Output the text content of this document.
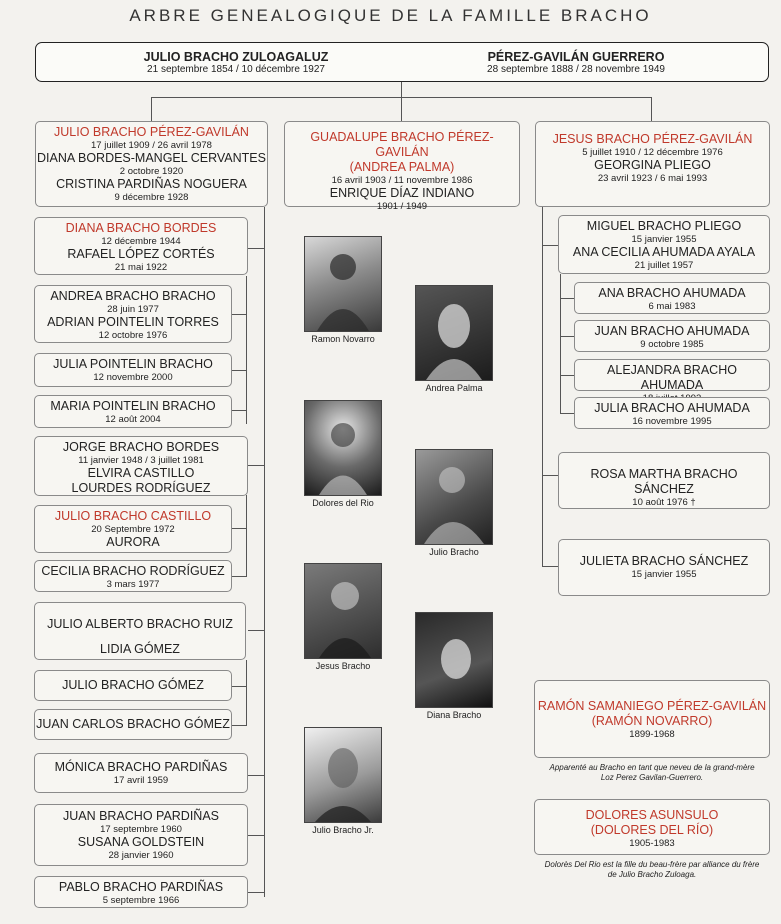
ARBRE GENEALOGIQUE DE LA FAMILLE BRACHO
JULIO BRACHO ZULOAGALUZ
21 septembre 1854 / 10 décembre 1927
PÉREZ-GAVILÁN GUERRERO
28 septembre 1888 / 28 novembre 1949
JULIO BRACHO PÉREZ-GAVILÁN
17 juillet 1909 / 26 avril 1978
DIANA BORDES-MANGEL CERVANTES
2 octobre 1920
CRISTINA PARDIÑAS NOGUERA
9 décembre 1928
GUADALUPE BRACHO PÉREZ-GAVILÁN
(ANDREA PALMA)
16 avril 1903 / 11 novembre 1986
ENRIQUE DÍAZ INDIANO
1901 / 1949
JESUS BRACHO PÉREZ-GAVILÁN
5 juillet 1910 / 12 décembre 1976
GEORGINA PLIEGO
23 avril 1923 / 6 mai 1993
DIANA BRACHO BORDES
12 décembre 1944
RAFAEL LÓPEZ CORTÉS
21 mai 1922
ANDREA BRACHO BRACHO
28 juin 1977
ADRIAN POINTELIN TORRES
12 octobre 1976
JULIA POINTELIN BRACHO
12 novembre 2000
MARIA POINTELIN BRACHO
12 août 2004
JORGE BRACHO BORDES
11 janvier 1948 / 3 juillet 1981
ELVIRA CASTILLO
LOURDES RODRÍGUEZ
JULIO BRACHO CASTILLO
20 Septembre 1972
AURORA
CECILIA BRACHO RODRÍGUEZ
3 mars 1977
JULIO ALBERTO BRACHO RUIZ
LIDIA GÓMEZ
JULIO BRACHO GÓMEZ
JUAN CARLOS BRACHO GÓMEZ
MÓNICA BRACHO PARDIÑAS
17 avril 1959
JUAN BRACHO PARDIÑAS
17 septembre 1960
SUSANA GOLDSTEIN
28 janvier 1960
PABLO BRACHO PARDIÑAS
5 septembre 1966
MIGUEL BRACHO PLIEGO
15 janvier 1955
ANA CECILIA AHUMADA AYALA
21 juillet 1957
ANA BRACHO AHUMADA
6 mai 1983
JUAN BRACHO AHUMADA
9 octobre 1985
ALEJANDRA BRACHO AHUMADA
JULIA BRACHO AHUMADA
16 novembre 1995
ROSA MARTHA BRACHO SÁNCHEZ
10 août 1976 †
JULIETA BRACHO SÁNCHEZ
15 janvier 1955
RAMÓN SAMANIEGO PÉREZ-GAVILÁN
(RAMÓN NOVARRO)
1899-1968
Apparenté au Bracho en tant que neveu de la grand-mère Loz Perez Gavilan-Guerrero.
DOLORES ASUNSULO
(DOLORES DEL RÍO)
1905-1983
Dolorès Del Rio est la fille du beau-frère par alliance du frère de Julio Bracho Zuloaga.
Ramon Novarro
Andrea Palma
Dolores del Rio
Julio Bracho
Jesus Bracho
Diana Bracho
Julio Bracho Jr.
